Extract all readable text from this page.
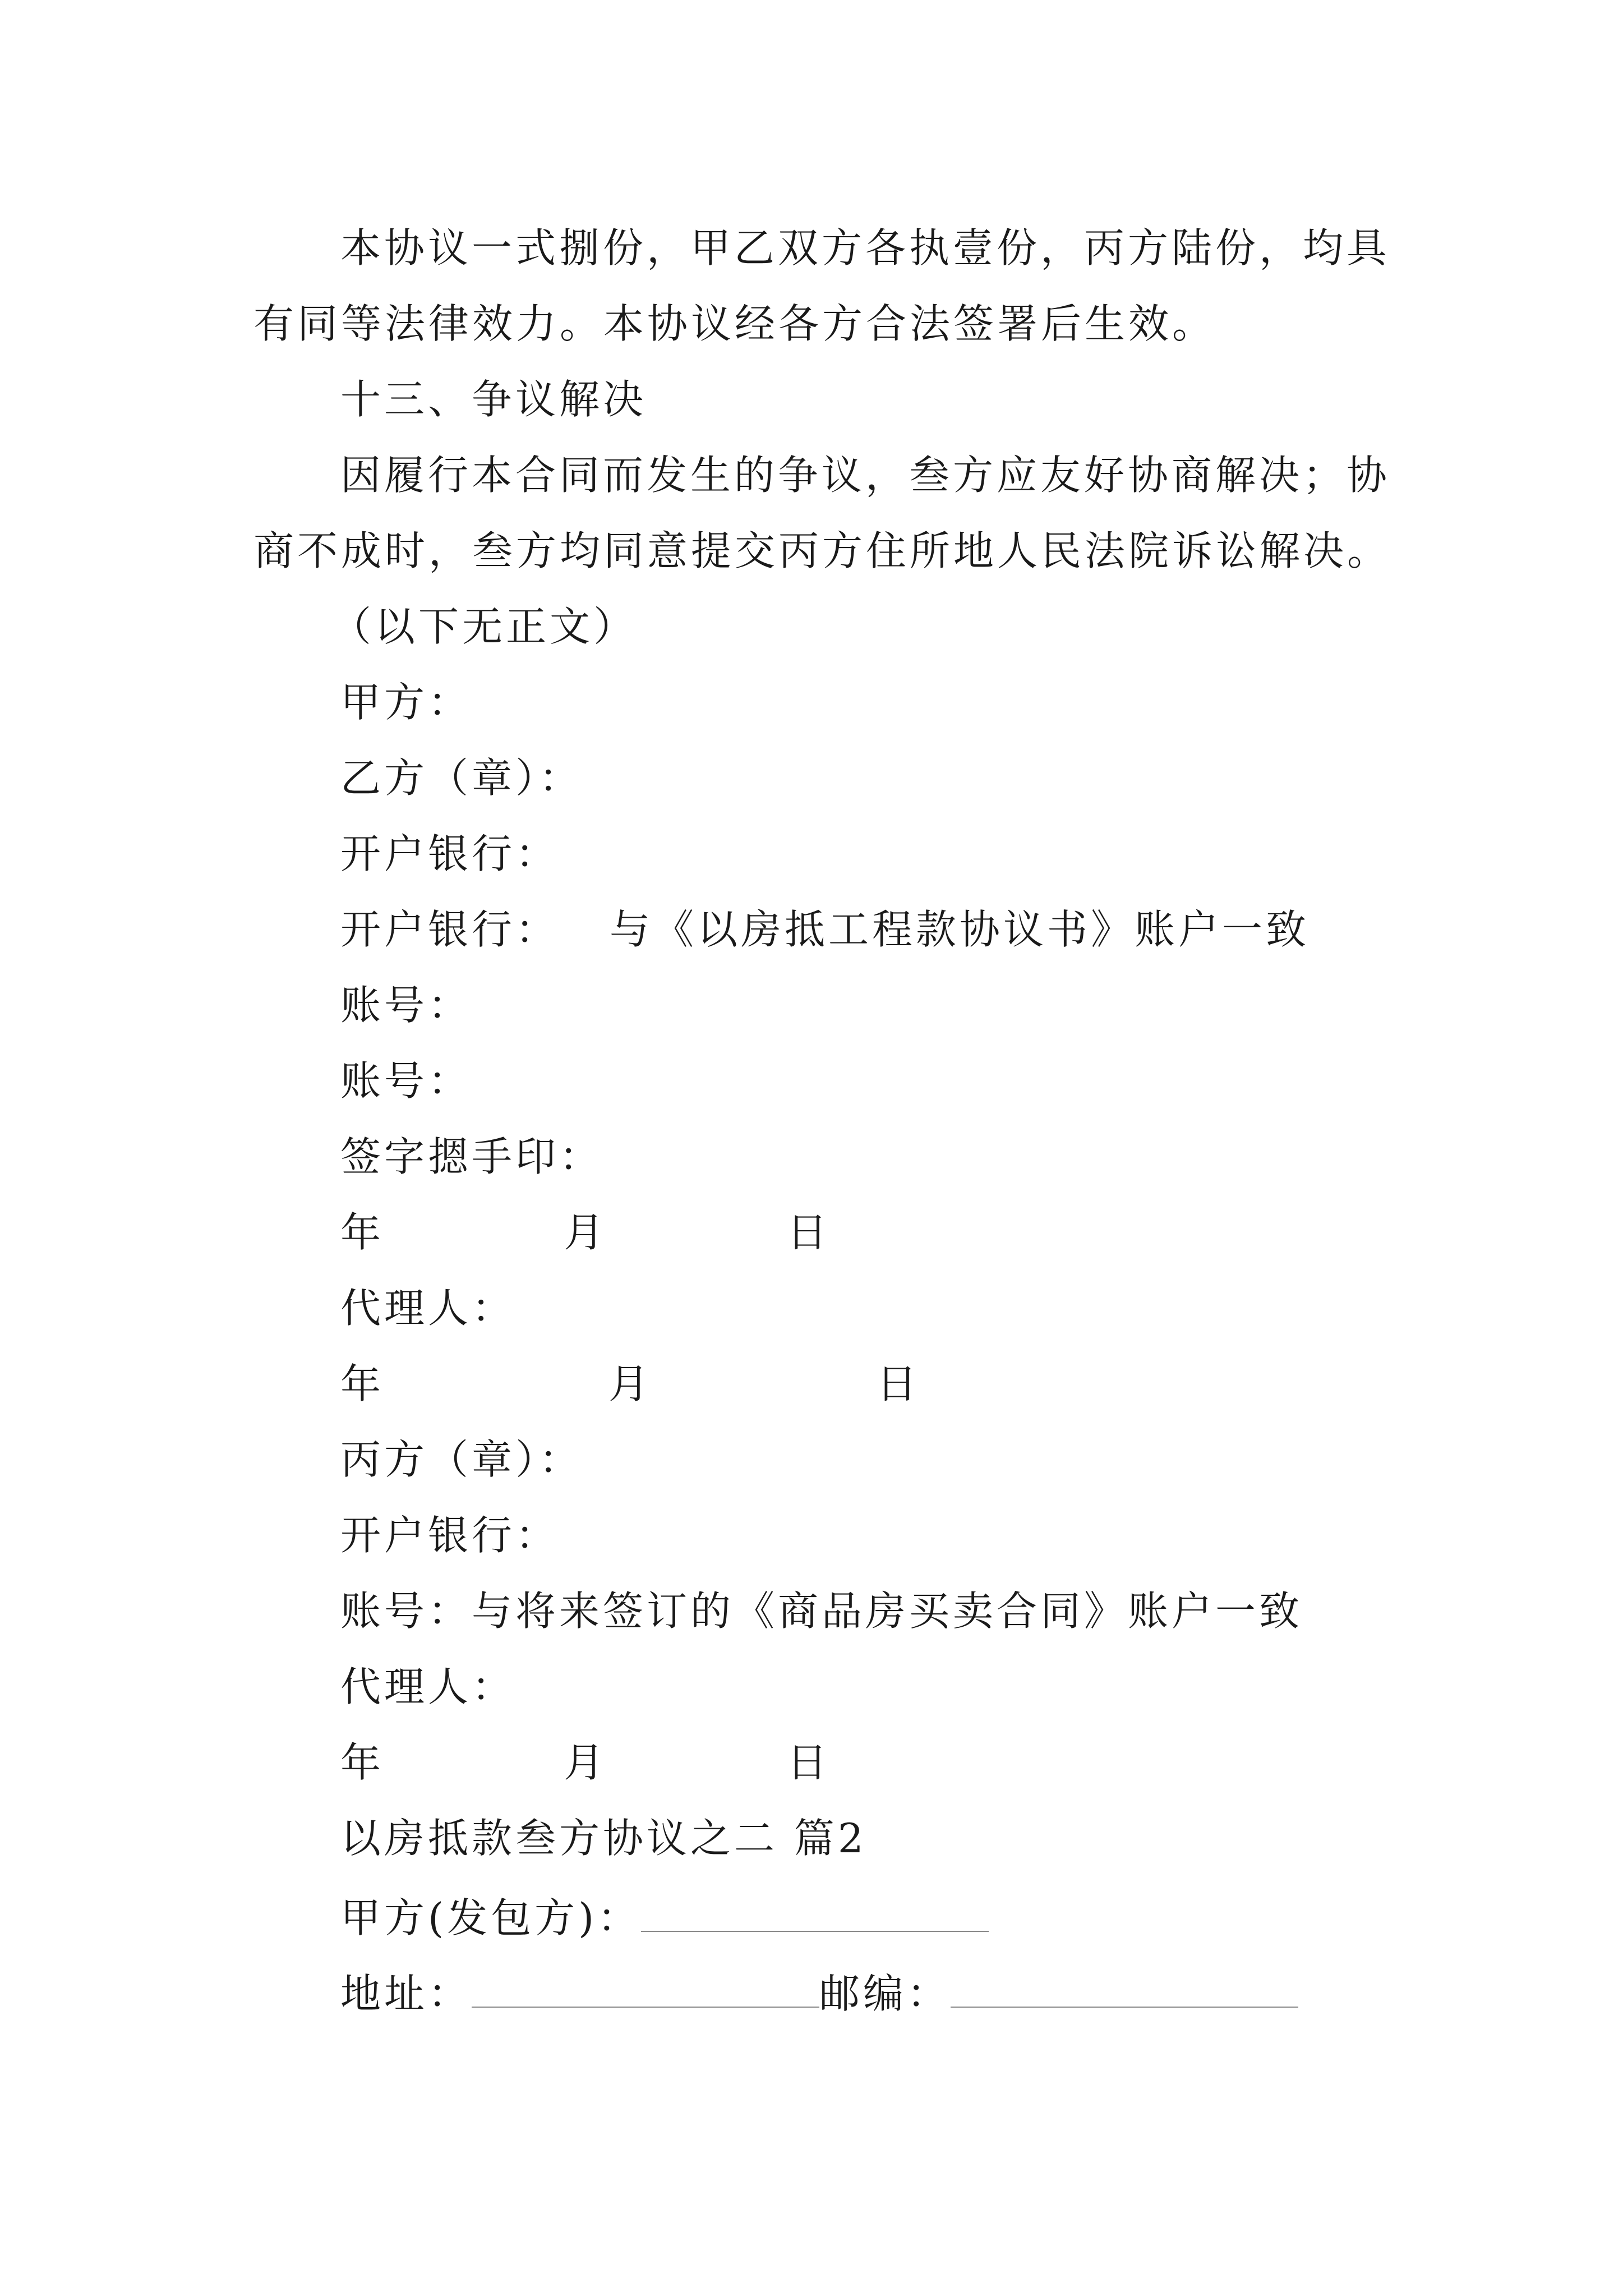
本协议一式捌份，甲乙双方各执壹份，丙方陆份，均具
有同等法律效力。本协议经各方合法签署后生效。
十三、争议解决
因履行本合同而发生的争议，叁方应友好协商解决；协
商不成时，叁方均同意提交丙方住所地人民法院诉讼解决。
（以下无正文）
甲方：
乙方（章）：
开户银行：
开户银行： 与《以房抵工程款协议书》账户一致
账号：
账号：
签字摁手印：
年	月	日
代理人：
年	月	日
丙方（章）：
开户银行：
账号：与将来签订的《商品房买卖合同》账户一致
代理人：
年	月	日
以房抵款叁方协议之二 篇2
甲方(发包方)：
地址：	邮编：
